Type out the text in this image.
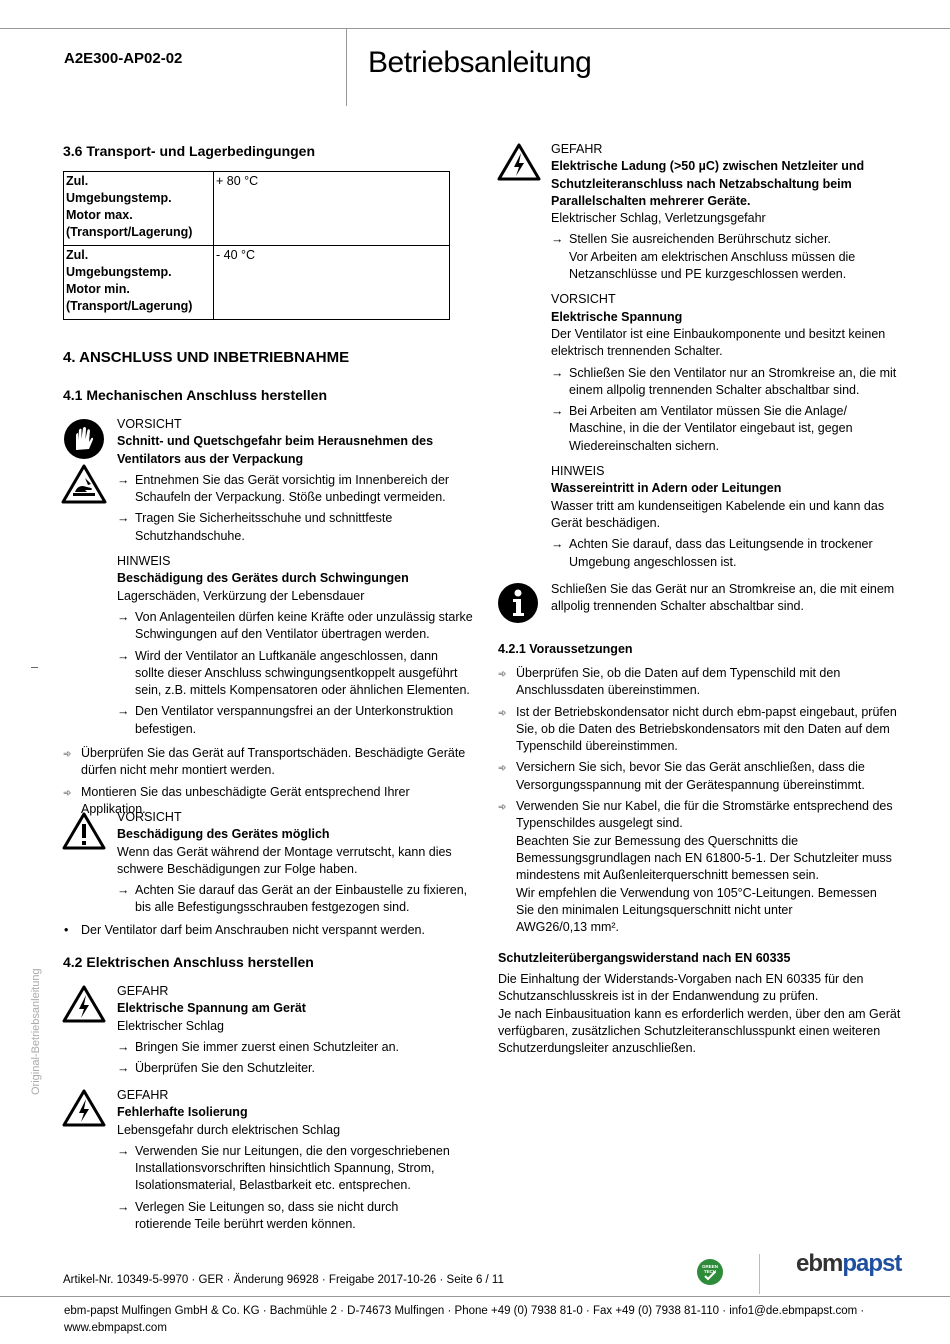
A2E300-AP02-02	Betriebsanleitung
3.6 Transport- und Lagerbedingungen
Zul.
Umgebungstemp.
Motor max.
(Transport/Lagerung)	+ 80 °C

Zul.
Umgebungstemp.
Motor min.
(Transport/Lagerung)	- 40 °C
4. ANSCHLUSS UND INBETRIEBNAHME
4.1 Mechanischen Anschluss herstellen

VORSICHT

Schnitt- und Quetschgefahr beim Herausnehmen des

Ventilators aus der Verpackung

→ Entnehmen Sie das Gerät vorsichtig im Innenbereich der

Schaufeln der Verpackung. Stöße unbedingt vermeiden.

→ Tragen Sie Sicherheitsschuhe und schnittfeste

Schutzhandschuhe.

HINWEIS

Beschädigung des Gerätes durch Schwingungen

Lagerschäden, Verkürzung der Lebensdauer

→ Von Anlagenteilen dürfen keine Kräfte oder unzulässig starke

Schwingungen auf den Ventilator übertragen werden.

→ Wird der Ventilator an Luftkanäle angeschlossen, dann

sollte dieser Anschluss schwingungsentkoppelt ausgeführt

sein, z.B. mittels Kompensatoren oder ähnlichen Elementen.

→ Den Ventilator verspannungsfrei an der Unterkonstruktion

befestigen.

➾ Überprüfen Sie das Gerät auf Transportschäden. Beschädigte Geräte

dürfen nicht mehr montiert werden.

➾ Montieren Sie das unbeschädigte Gerät entsprechend Ihrer Applikation.

VORSICHT

Beschädigung des Gerätes möglich

Wenn das Gerät während der Montage verrutscht, kann dies

schwere Beschädigungen zur Folge haben.

→ Achten Sie darauf das Gerät an der Einbaustelle zu fixieren,

bis alle Befestigungsschrauben festgezogen sind.

• Der Ventilator darf beim Anschrauben nicht verspannt werden.

4.2 Elektrischen Anschluss herstellen

GEFAHR

Elektrische Spannung am Gerät

Elektrischer Schlag

→ Bringen Sie immer zuerst einen Schutzleiter an.

→ Überprüfen Sie den Schutzleiter.

GEFAHR

Fehlerhafte Isolierung

Lebensgefahr durch elektrischen Schlag

→ Verwenden Sie nur Leitungen, die den vorgeschriebenen

Installationsvorschriften hinsichtlich Spannung, Strom,

Isolationsmaterial, Belastbarkeit etc. entsprechen.

→ Verlegen Sie Leitungen so, dass sie nicht durch

rotierende Teile berührt werden können.

GEFAHR

Elektrische Ladung (>50 µC) zwischen Netzleiter und

Schutzleiteranschluss nach Netzabschaltung beim

Parallelschalten mehrerer Geräte.

Elektrischer Schlag, Verletzungsgefahr

→ Stellen Sie ausreichenden Berührschutz sicher.

Vor Arbeiten am elektrischen Anschluss müssen die

Netzanschlüsse und PE kurzgeschlossen werden.

VORSICHT

Elektrische Spannung

Der Ventilator ist eine Einbaukomponente und besitzt keinen

elektrisch trennenden Schalter.

→ Schließen Sie den Ventilator nur an Stromkreise an, die mit

einem allpolig trennenden Schalter abschaltbar sind.

→ Bei Arbeiten am Ventilator müssen Sie die Anlage/

Maschine, in die der Ventilator eingebaut ist, gegen

Wiedereinschalten sichern.

HINWEIS

Wassereintritt in Adern oder Leitungen

Wasser tritt am kundenseitigen Kabelende ein und kann das

Gerät beschädigen.

→ Achten Sie darauf, dass das Leitungsende in trockener

Umgebung angeschlossen ist.

Schließen Sie das Gerät nur an Stromkreise an, die mit einem

allpolig trennenden Schalter abschaltbar sind.

4.2.1 Voraussetzungen
➾ Überprüfen Sie, ob die Daten auf dem Typenschild mit den

Anschlussdaten übereinstimmen.

➾ Ist der Betriebskondensator nicht durch ebm-papst eingebaut, prüfen

Sie, ob die Daten des Betriebskondensators mit den Daten auf dem

Typenschild übereinstimmen.

➾ Versichern Sie sich, bevor Sie das Gerät anschließen, dass die

Versorgungsspannung mit der Gerätespannung übereinstimmt.

➾ Verwenden Sie nur Kabel, die für die Stromstärke entsprechend des

Typenschildes ausgelegt sind.

Beachten Sie zur Bemessung des Querschnitts die

Bemessungsgrundlagen nach EN 61800-5-1. Der Schutzleiter muss

mindestens mit Außenleiterquerschnitt bemessen sein.

Wir empfehlen die Verwendung von 105°C-Leitungen. Bemessen

Sie den minimalen Leitungsquerschnitt nicht unter

AWG26/0,13 mm².

Schutzleiterübergangswiderstand nach EN 60335

Die Einhaltung der Widerstands-Vorgaben nach EN 60335 für den

Schutzanschlusskreis ist in der Endanwendung zu prüfen.

Je nach Einbausituation kann es erforderlich werden, über den am Gerät

verfügbaren, zusätzlichen Schutzleiteranschlusspunkt einen weiteren

Schutzerdungsleiter anzuschließen.

Original-Betriebsanleitung
Artikel-Nr. 10349-5-9970 · GER · Änderung 96928 · Freigabe 2017-10-26 · Seite 6 / 11
GREEN
TECH	ebmpapst
ebm-papst Mulfingen GmbH & Co. KG · Bachmühle 2 · D-74673 Mulfingen · Phone +49 (0) 7938 81-0 · Fax +49 (0) 7938 81-110 · info1@de.ebmpapst.com · www.ebmpapst.com
